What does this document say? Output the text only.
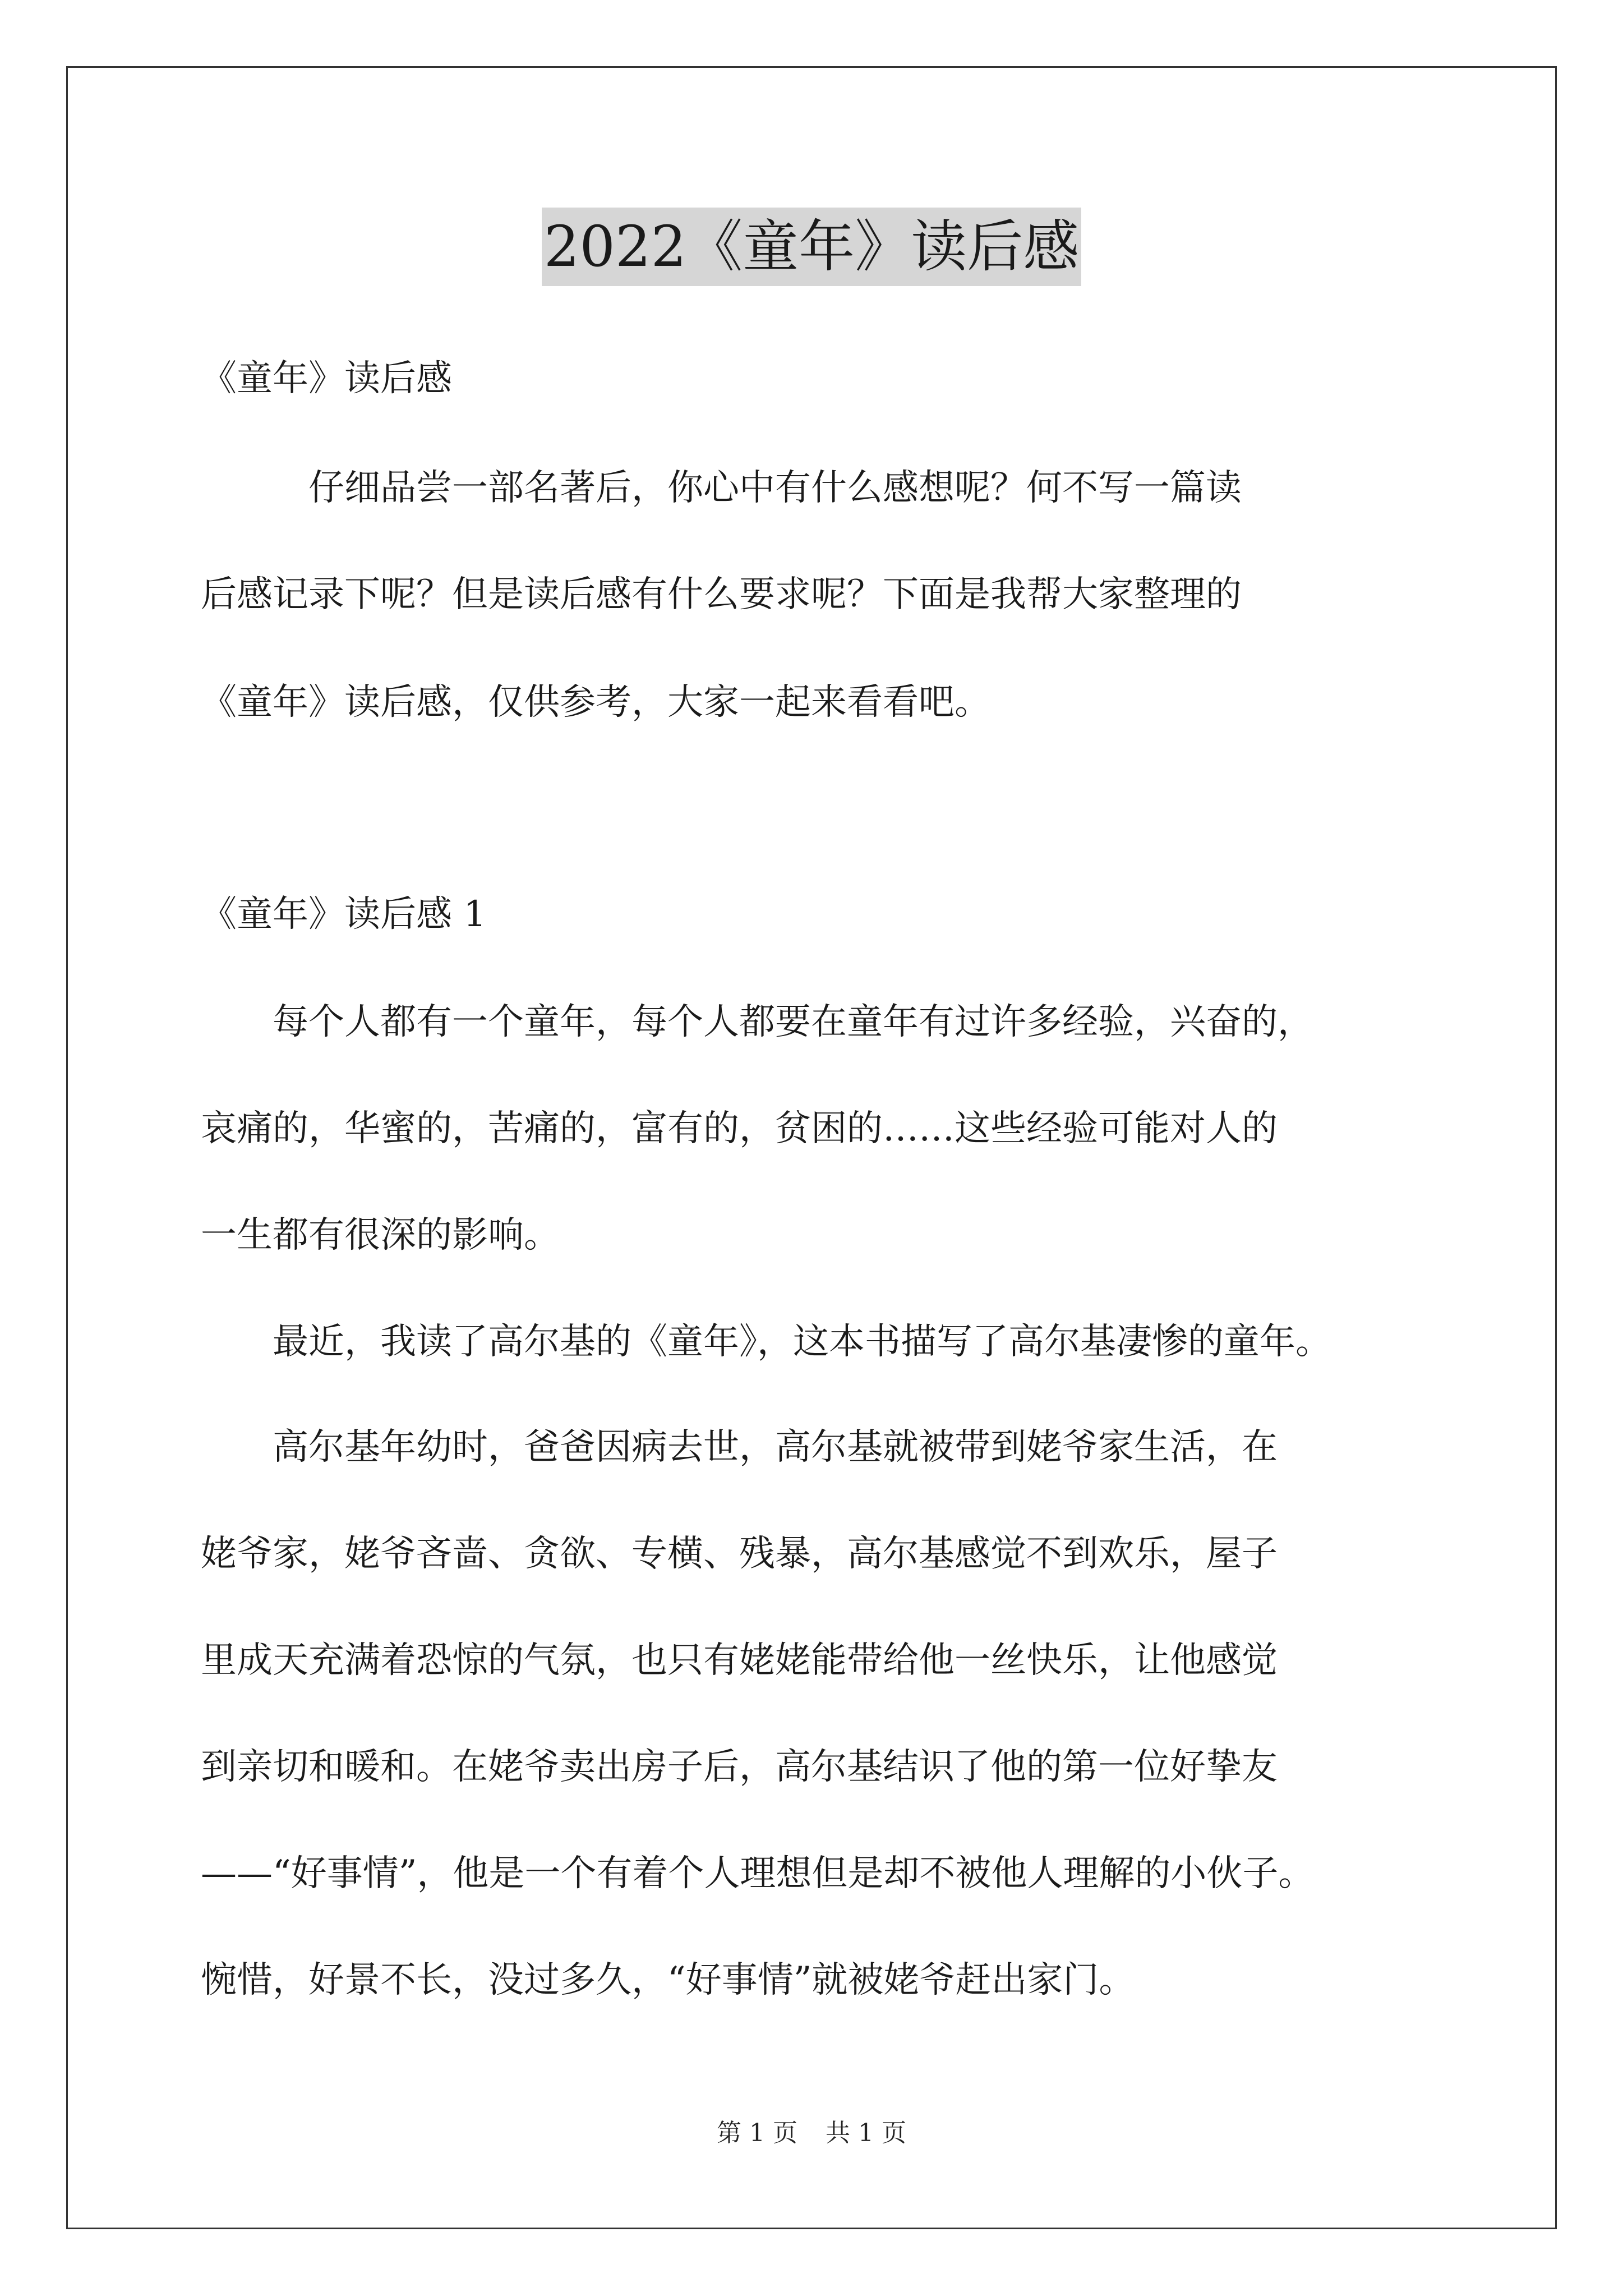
2022《童年》读后感
《童年》读后感
　　　仔细品尝一部名著后，你心中有什么感想呢？何不写一篇读
后感记录下呢？但是读后感有什么要求呢？下面是我帮大家整理的
《童年》读后感，仅供参考，大家一起来看看吧。
《童年》读后感 1
　　每个人都有一个童年，每个人都要在童年有过许多经验，兴奋的，
哀痛的，华蜜的，苦痛的，富有的，贫困的……这些经验可能对人的
一生都有很深的影响。
　　最近，我读了高尔基的《童年》，这本书描写了高尔基凄惨的童年。
　　高尔基年幼时，爸爸因病去世，高尔基就被带到姥爷家生活，在
姥爷家，姥爷吝啬、贪欲、专横、残暴，高尔基感觉不到欢乐，屋子
里成天充满着恐惊的气氛，也只有姥姥能带给他一丝快乐，让他感觉
到亲切和暖和。在姥爷卖出房子后，高尔基结识了他的第一位好挚友
——“好事情”，他是一个有着个人理想但是却不被他人理解的小伙子。
惋惜，好景不长，没过多久，“好事情”就被姥爷赶出家门。
第 1 页 共 1 页
